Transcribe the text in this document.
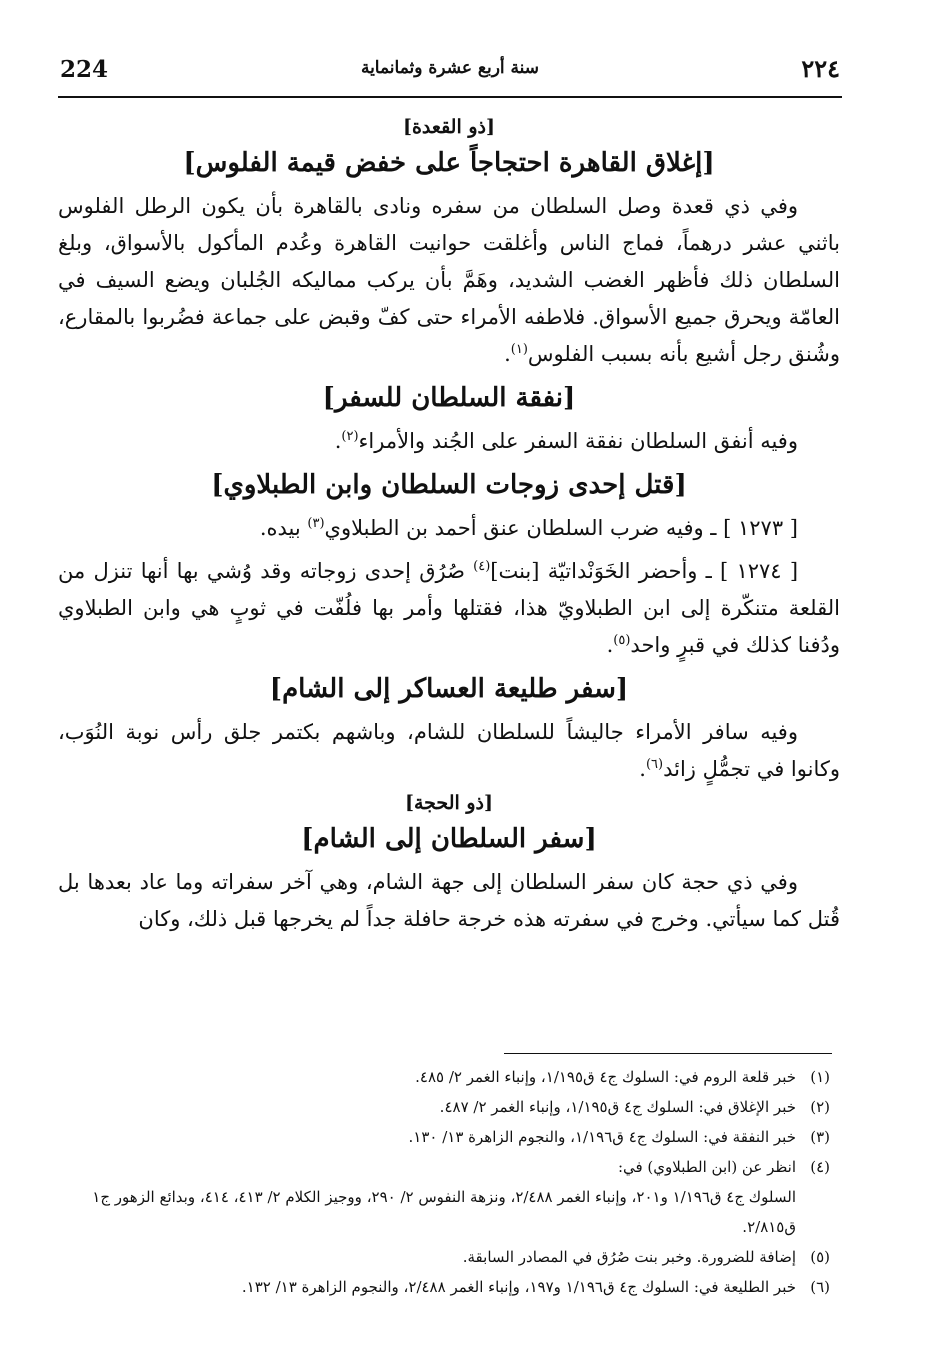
224	سنة أربع عشرة وثمانماية	٢٢٤
[ذو القعدة]
[إغلاق القاهرة احتجاجاً على خفض قيمة الفلوس]

وفي ذي قعدة وصل السلطان من سفره ونادى بالقاهرة بأن يكون الرطل الفلوس باثني عشر درهماً، فماج الناس وأغلقت حوانيت القاهرة وعُدم المأكول بالأسواق، وبلغ السلطان ذلك فأظهر الغضب الشديد، وهَمَّ بأن يركب مماليكه الجُلبان ويضع السيف في العامّة ويحرق جميع الأسواق. فلاطفه الأمراء حتى كفّ وقبض على جماعة فضُربوا بالمقارع، وشُنق رجل أشيع بأنه بسبب الفلوس$^{(١)}$.

[نفقة السلطان للسفر]

وفيه أنفق السلطان نفقة السفر على الجُند والأمراء$^{(٢)}$.

[قتل إحدى زوجات السلطان وابن الطبلاوي]

[ ١٢٧٣ ] ـ وفيه ضرب السلطان عنق أحمد بن الطبلاوي$^{(٣)}$ بيده.

[ ١٢٧٤ ] ـ وأحضر الخَوَنْداتيّة [بنت]$^{(٤)}$ صُرُق إحدى زوجاته وقد وُشي بها أنها تنزل من القلعة متنكّرة إلى ابن الطبلاويّ هذا، فقتلها وأمر بها فلُفّت في ثوبٍ هي وابن الطبلاوي ودُفنا كذلك في قبرٍ واحد$^{(٥)}$.

[سفر طليعة العساكر إلى الشام]

وفيه سافر الأمراء جاليشاً للسلطان للشام، وباشهم بكتمر جلق رأس نوبة النُوَب، وكانوا في تجمُّلٍ زائد$^{(٦)}$.

[ذو الحجة]
[سفر السلطان إلى الشام]

وفي ذي حجة كان سفر السلطان إلى جهة الشام، وهي آخر سفراته وما عاد بعدها بل قُتل كما سيأتي. وخرج في سفرته هذه خرجة حافلة جداً لم يخرجها قبل ذلك، وكان

(١)خبر قلعة الروم في: السلوك ج٤ ق١/١٩٥، وإنباء الغمر ٢/ ٤٨٥.

(٢)خبر الإغلاق في: السلوك ج٤ ق١/١٩٥، وإنباء الغمر ٢/ ٤٨٧.

(٣)خبر النفقة في: السلوك ج٤ ق١/١٩٦، والنجوم الزاهرة ١٣/ ١٣٠.

(٤)انظر عن (ابن الطبلاوي) في:

السلوك ج٤ ق١/١٩٦ و٢٠١، وإنباء الغمر ٢/٤٨٨، ونزهة النفوس ٢/ ٢٩٠، ووجيز الكلام ٢/ ٤١٣، ٤١٤، وبدائع الزهور ج١ ق٢/٨١٥.

(٥)إضافة للضرورة. وخبر بنت صُرُق في المصادر السابقة.

(٦)خبر الطليعة في: السلوك ج٤ ق١/١٩٦ و١٩٧، وإنباء الغمر ٢/٤٨٨، والنجوم الزاهرة ١٣/ ١٣٢.
